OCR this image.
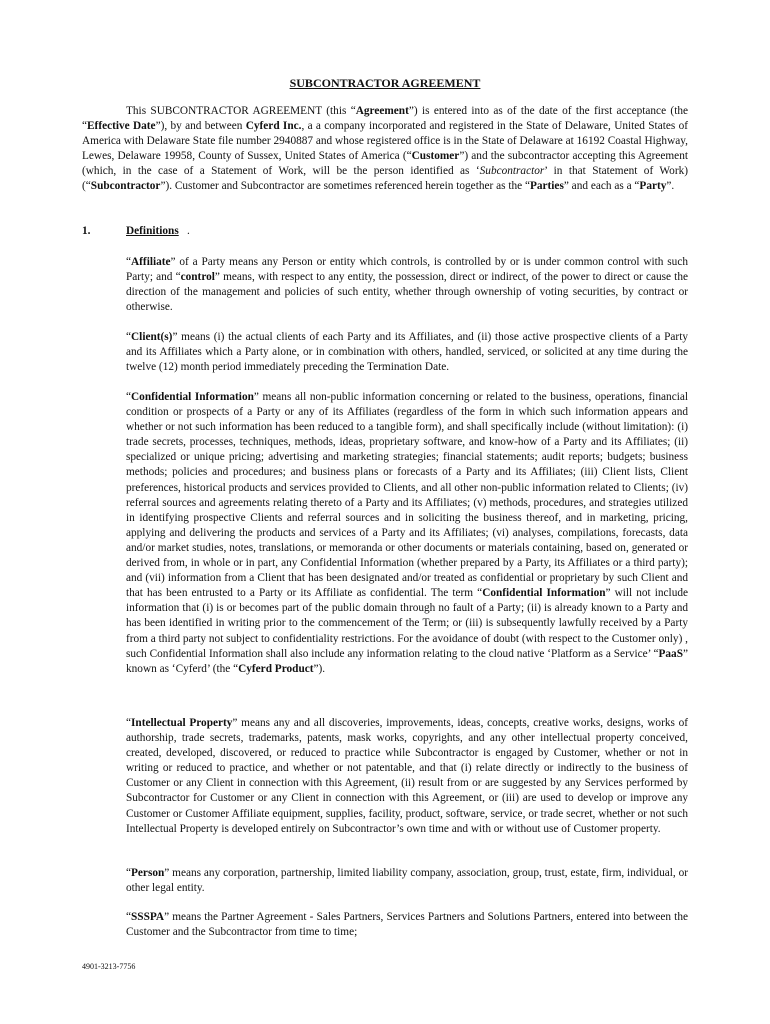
SUBCONTRACTOR AGREEMENT
This SUBCONTRACTOR AGREEMENT (this “Agreement”) is entered into as of the date of the first acceptance (the “Effective Date”), by and between Cyferd Inc., a a company incorporated and registered in the State of Delaware, United States of America with Delaware State file number 2940887 and whose registered office is in the State of Delaware at 16192 Coastal Highway, Lewes, Delaware 19958, County of Sussex, United States of America (“Customer”) and the subcontractor accepting this Agreement (which, in the case of a Statement of Work, will be the person identified as ‘Subcontractor’ in that Statement of Work) (“Subcontractor”). Customer and Subcontractor are sometimes referenced herein together as the “Parties” and each as a “Party”.
1.	Definitions .
“Affiliate” of a Party means any Person or entity which controls, is controlled by or is under common control with such Party; and “control” means, with respect to any entity, the possession, direct or indirect, of the power to direct or cause the direction of the management and policies of such entity, whether through ownership of voting securities, by contract or otherwise.
“Client(s)” means (i) the actual clients of each Party and its Affiliates, and (ii) those active prospective clients of a Party and its Affiliates which a Party alone, or in combination with others, handled, serviced, or solicited at any time during the twelve (12) month period immediately preceding the Termination Date.
“Confidential Information” means all non-public information concerning or related to the business, operations, financial condition or prospects of a Party or any of its Affiliates (regardless of the form in which such information appears and whether or not such information has been reduced to a tangible form), and shall specifically include (without limitation): (i) trade secrets, processes, techniques, methods, ideas, proprietary software, and know-how of a Party and its Affiliates; (ii) specialized or unique pricing; advertising and marketing strategies; financial statements; audit reports; budgets; business methods; policies and procedures; and business plans or forecasts of a Party and its Affiliates; (iii) Client lists, Client preferences, historical products and services provided to Clients, and all other non-public information related to Clients; (iv) referral sources and agreements relating thereto of a Party and its Affiliates; (v) methods, procedures, and strategies utilized in identifying prospective Clients and referral sources and in soliciting the business thereof, and in marketing, pricing, applying and delivering the products and services of a Party and its Affiliates; (vi) analyses, compilations, forecasts, data and/or market studies, notes, translations, or memoranda or other documents or materials containing, based on, generated or derived from, in whole or in part, any Confidential Information (whether prepared by a Party, its Affiliates or a third party); and (vii) information from a Client that has been designated and/or treated as confidential or proprietary by such Client and that has been entrusted to a Party or its Affiliate as confidential. The term “Confidential Information” will not include information that (i) is or becomes part of the public domain through no fault of a Party; (ii) is already known to a Party and has been identified in writing prior to the commencement of the Term; or (iii) is subsequently lawfully received by a Party from a third party not subject to confidentiality restrictions. For the avoidance of doubt (with respect to the Customer only) , such Confidential Information shall also include any information relating to the cloud native ‘Platform as a Service’ “PaaS” known as ‘Cyferd’ (the “Cyferd Product”).
“Intellectual Property” means any and all discoveries, improvements, ideas, concepts, creative works, designs, works of authorship, trade secrets, trademarks, patents, mask works, copyrights, and any other intellectual property conceived, created, developed, discovered, or reduced to practice while Subcontractor is engaged by Customer, whether or not in writing or reduced to practice, and whether or not patentable, and that (i) relate directly or indirectly to the business of Customer or any Client in connection with this Agreement, (ii) result from or are suggested by any Services performed by Subcontractor for Customer or any Client in connection with this Agreement, or (iii) are used to develop or improve any Customer or Customer Affiliate equipment, supplies, facility, product, software, service, or trade secret, whether or not such Intellectual Property is developed entirely on Subcontractor’s own time and with or without use of Customer property.
“Person” means any corporation, partnership, limited liability company, association, group, trust, estate, firm, individual, or other legal entity.
“SSSPA” means the Partner Agreement - Sales Partners, Services Partners and Solutions Partners, entered into between the Customer and the Subcontractor from time to time;
4901-3213-7756
